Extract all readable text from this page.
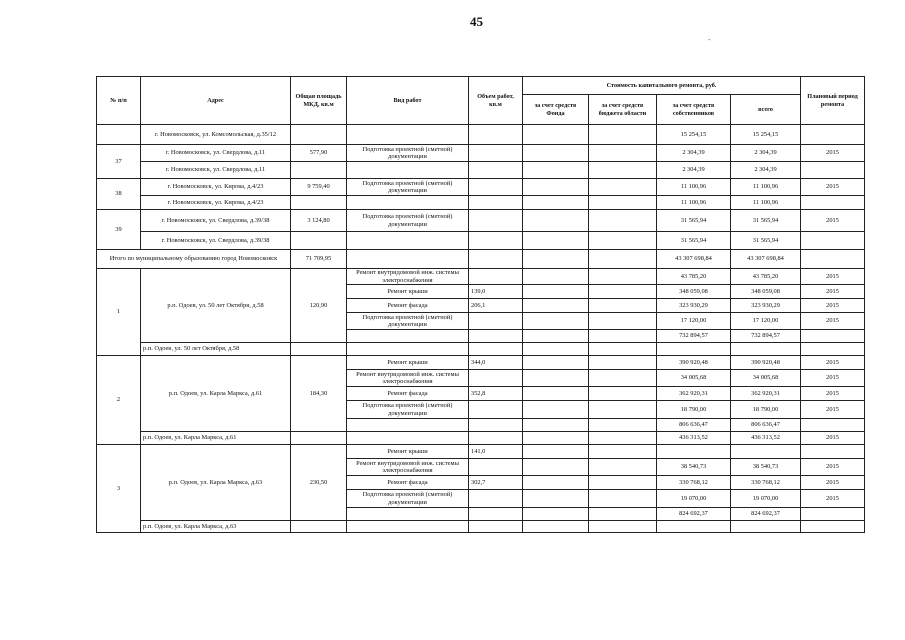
45
-
№ п/п	Адрес	Общая площадь МКД, кв.м	Вид работ	Объем работ, кв.м	Стоимость капитального ремонта, руб.				Плановый период ремонта
					за счет средств Фонда	за счет средств бюджета области	за счет средств собственников	всего	
	г. Новомосковск, ул. Комсомольская, д.35/12						15 254,15	15 254,15	
37	г. Новомосковск, ул. Свердлова, д.11	577,90	Подготовка проектной (сметной) документации				2 304,39	2 304,39	2015
	г. Новомосковск, ул. Свердлова, д.11						2 304,39	2 304,39	
38	г. Новомосковск, ул. Кирова, д.4/23	9 759,40	Подготовка проектной (сметной) документации				11 100,96	11 100,96	2015
	г. Новомосковск, ул. Кирова, д.4/23						11 100,96	11 100,96	
39	г. Новомосковск, ул. Свердлова, д.39/38	3 124,80	Подготовка проектной (сметной) документации				31 565,94	31 565,94	2015
	г. Новомосковск, ул. Свердлова, д.39/38						31 565,94	31 565,94	
Итого по муниципальному образованию город Новомосковск		71 709,95					43 307 698,84	43 307 698,84	
1	р.п. Одоев, ул. 50 лет Октября, д.58	120,90	Ремонт внутридомовой инж. системы электроснабжения				43 785,20	43 785,20	2015
			Ремонт крыши	139,0			348 059,08	348 059,08	2015
			Ремонт фасада	206,1			323 930,29	323 930,29	2015
			Подготовка проектной (сметной) документации				17 120,00	17 120,00	2015
							732 894,57	732 894,57	
	р.п. Одоев, ул. 50 лет Октября, д.58								
2	р.п. Одоев, ул. Карла Маркса, д.61	184,30	Ремонт крыши	344,0			390 920,48	390 920,48	2015
			Ремонт внутридомовой инж. системы электроснабжения				34 005,68	34 005,68	2015
			Ремонт фасада	352,8			362 920,31	362 920,31	2015
			Подготовка проектной (сметной) документации				18 790,00	18 790,00	2015
							806 636,47	806 636,47	
	р.п. Одоев, ул. Карла Маркса, д.61						436 313,52	436 313,52	2015
3	р.п. Одоев, ул. Карла Маркса, д.63	230,50	Ремонт крыши	141,0					
			Ремонт внутридомовой инж. системы электроснабжения				38 540,73	38 540,73	2015
			Ремонт фасада	302,7			330 768,12	330 768,12	2015
			Подготовка проектной (сметной) документации				19 070,00	19 070,00	2015
							824 692,37	824 692,37	
	р.п. Одоев, ул. Карла Маркса, д.63								
